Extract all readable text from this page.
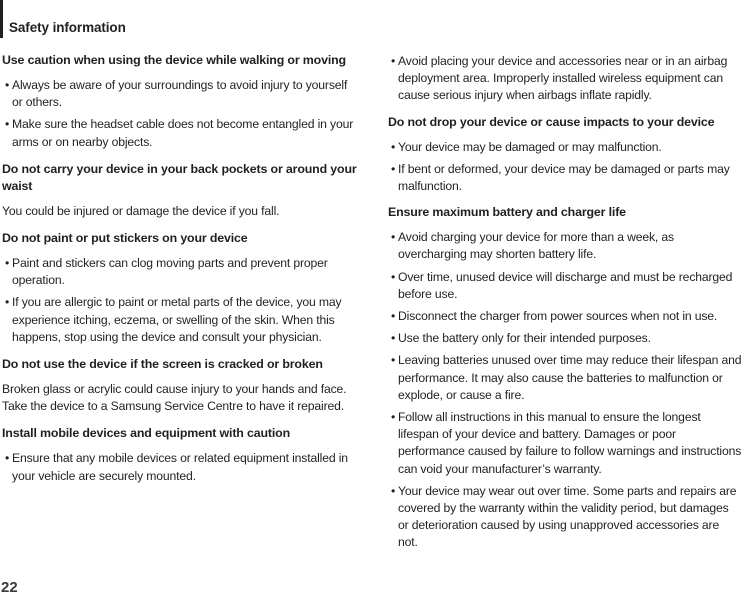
Safety information
Use caution when using the device while walking or moving
• Always be aware of your surroundings to avoid injury to yourself or others.
• Make sure the headset cable does not become entangled in your arms or on nearby objects.
Do not carry your device in your back pockets or around your waist

You could be injured or damage the device if you fall.

Do not paint or put stickers on your device
• Paint and stickers can clog moving parts and prevent proper operation.
• If you are allergic to paint or metal parts of the device, you may experience itching, eczema, or swelling of the skin. When this happens, stop using the device and consult your physician.
Do not use the device if the screen is cracked or broken

Broken glass or acrylic could cause injury to your hands and face. Take the device to a Samsung Service Centre to have it repaired.

Install mobile devices and equipment with caution
• Ensure that any mobile devices or related equipment installed in your vehicle are securely mounted.
• Avoid placing your device and accessories near or in an airbag deployment area. Improperly installed wireless equipment can cause serious injury when airbags inflate rapidly.
Do not drop your device or cause impacts to your device
• Your device may be damaged or may malfunction.
• If bent or deformed, your device may be damaged or parts may malfunction.
Ensure maximum battery and charger life
• Avoid charging your device for more than a week, as overcharging may shorten battery life.
• Over time, unused device will discharge and must be recharged before use.
• Disconnect the charger from power sources when not in use.
• Use the battery only for their intended purposes.
• Leaving batteries unused over time may reduce their lifespan and performance. It may also cause the batteries to malfunction or explode, or cause a fire.
• Follow all instructions in this manual to ensure the longest lifespan of your device and battery. Damages or poor performance caused by failure to follow warnings and instructions can void your manufacturer’s warranty.
• Your device may wear out over time. Some parts and repairs are covered by the warranty within the validity period, but damages or deterioration caused by using unapproved accessories are not.
22
